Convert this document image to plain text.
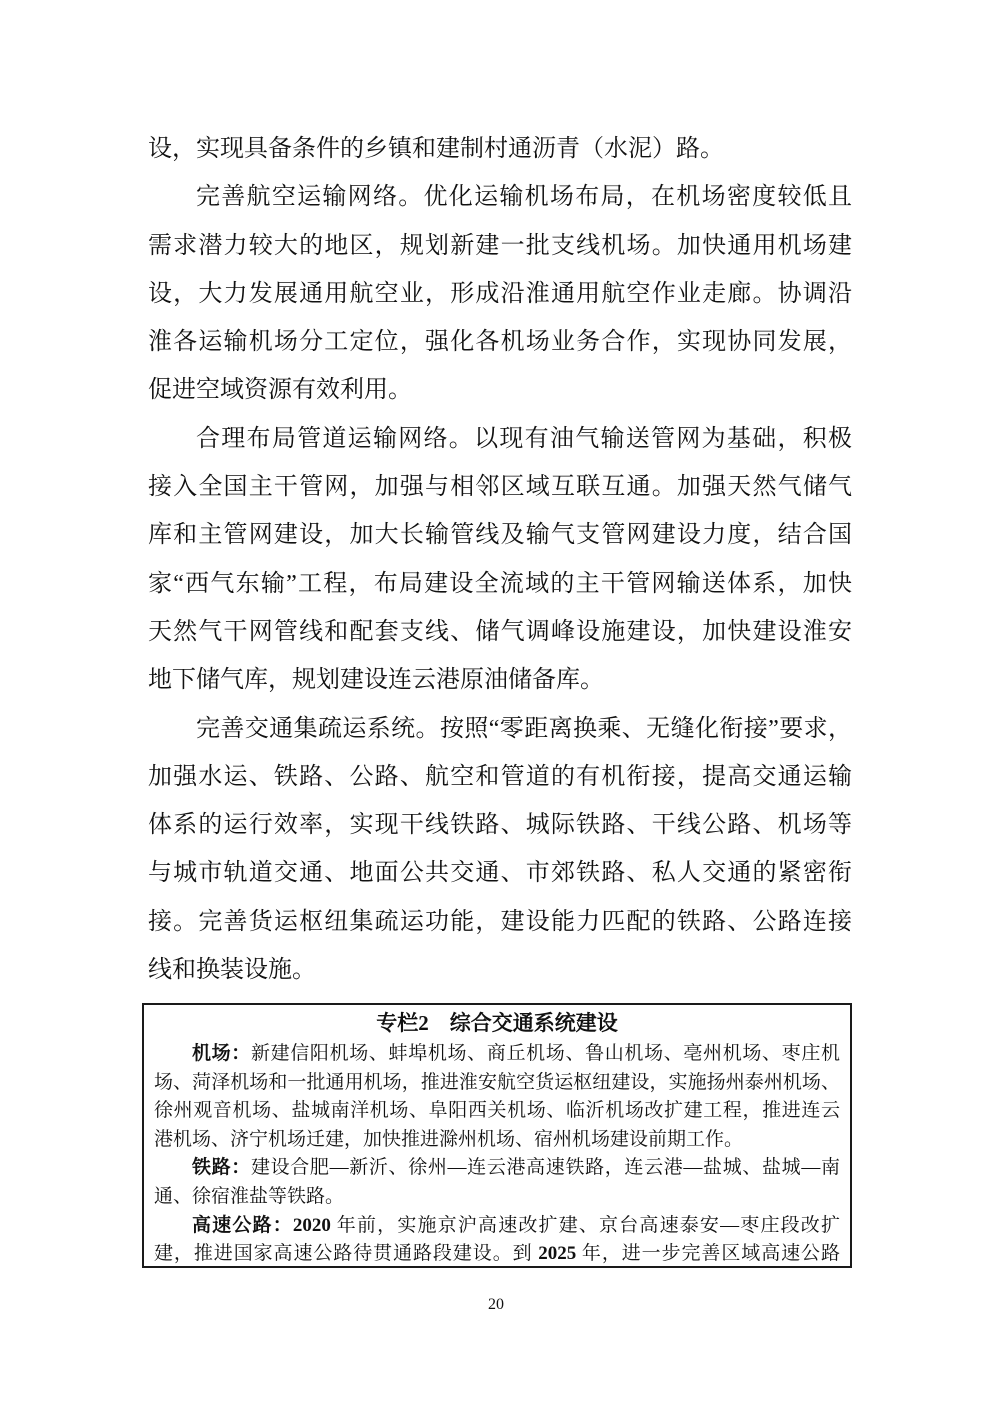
设，实现具备条件的乡镇和建制村通沥青（水泥）路。
完善航空运输网络。优化运输机场布局，在机场密度较低且
需求潜力较大的地区，规划新建一批支线机场。加快通用机场建
设，大力发展通用航空业，形成沿淮通用航空作业走廊。协调沿
淮各运输机场分工定位，强化各机场业务合作，实现协同发展，
促进空域资源有效利用。
合理布局管道运输网络。以现有油气输送管网为基础，积极
接入全国主干管网，加强与相邻区域互联互通。加强天然气储气
库和主管网建设，加大长输管线及输气支管网建设力度，结合国
家“西气东输”工程，布局建设全流域的主干管网输送体系，加快
天然气干网管线和配套支线、储气调峰设施建设，加快建设淮安
地下储气库，规划建设连云港原油储备库。
完善交通集疏运系统。按照“零距离换乘、无缝化衔接”要求，
加强水运、铁路、公路、航空和管道的有机衔接，提高交通运输
体系的运行效率，实现干线铁路、城际铁路、干线公路、机场等
与城市轨道交通、地面公共交通、市郊铁路、私人交通的紧密衔
接。完善货运枢纽集疏运功能，建设能力匹配的铁路、公路连接
线和换装设施。
专栏2　综合交通系统建设
机场：新建信阳机场、蚌埠机场、商丘机场、鲁山机场、亳州机场、枣庄机
场、菏泽机场和一批通用机场，推进淮安航空货运枢纽建设，实施扬州泰州机场、
徐州观音机场、盐城南洋机场、阜阳西关机场、临沂机场改扩建工程，推进连云
港机场、济宁机场迁建，加快推进滁州机场、宿州机场建设前期工作。
铁路：建设合肥—新沂、徐州—连云港高速铁路，连云港—盐城、盐城—南
通、徐宿淮盐等铁路。
高速公路：2020 年前，实施京沪高速改扩建、京台高速泰安—枣庄段改扩
建，推进国家高速公路待贯通路段建设。到 2025 年，进一步完善区域高速公路
20
